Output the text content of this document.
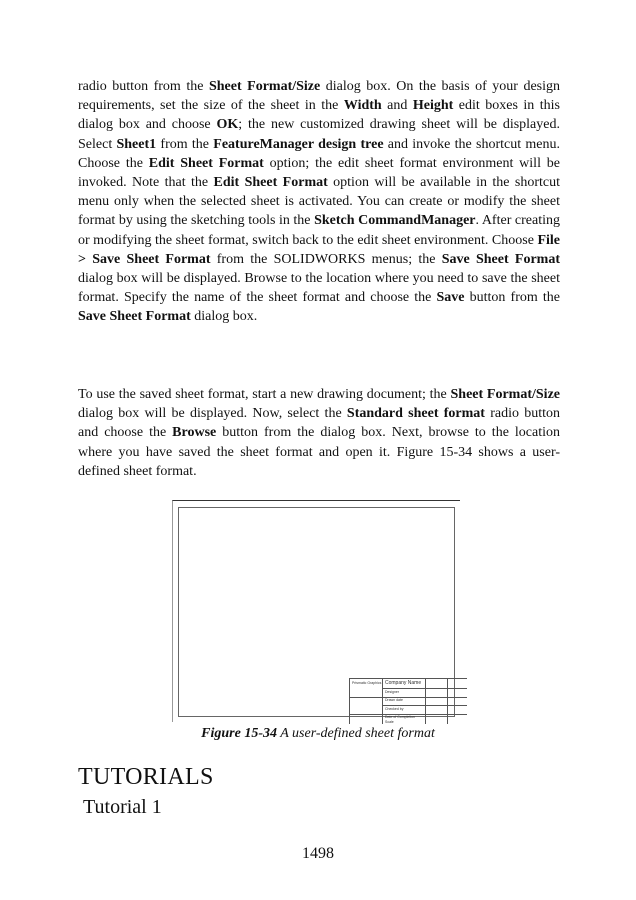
radio button from the Sheet Format/Size dialog box. On the basis of your design requirements, set the size of the sheet in the Width and Height edit boxes in this dialog box and choose OK; the new customized drawing sheet will be displayed. Select Sheet1 from the FeatureManager design tree and invoke the shortcut menu. Choose the Edit Sheet Format option; the edit sheet format environment will be invoked. Note that the Edit Sheet Format option will be available in the shortcut menu only when the selected sheet is activated. You can create or modify the sheet format by using the sketching tools in the Sketch CommandManager. After creating or modifying the sheet format, switch back to the edit sheet environment. Choose File > Save Sheet Format from the SOLIDWORKS menus; the Save Sheet Format dialog box will be displayed. Browse to the location where you need to save the sheet format. Specify the name of the sheet format and choose the Save button from the Save Sheet Format dialog box.

To use the saved sheet format, start a new drawing document; the Sheet Format/Size dialog box will be displayed. Now, select the Standard sheet format radio button and choose the Browse button from the dialog box. Next, browse to the location where you have saved the sheet format and open it. Figure 15-34 shows a user-defined sheet format.

Prismatic Graphics Company Name
Designer
Drawn date
Checked by
Date of Completion
Scale

Figure 15-34 A user-defined sheet format

TUTORIALS
Tutorial 1
1498
